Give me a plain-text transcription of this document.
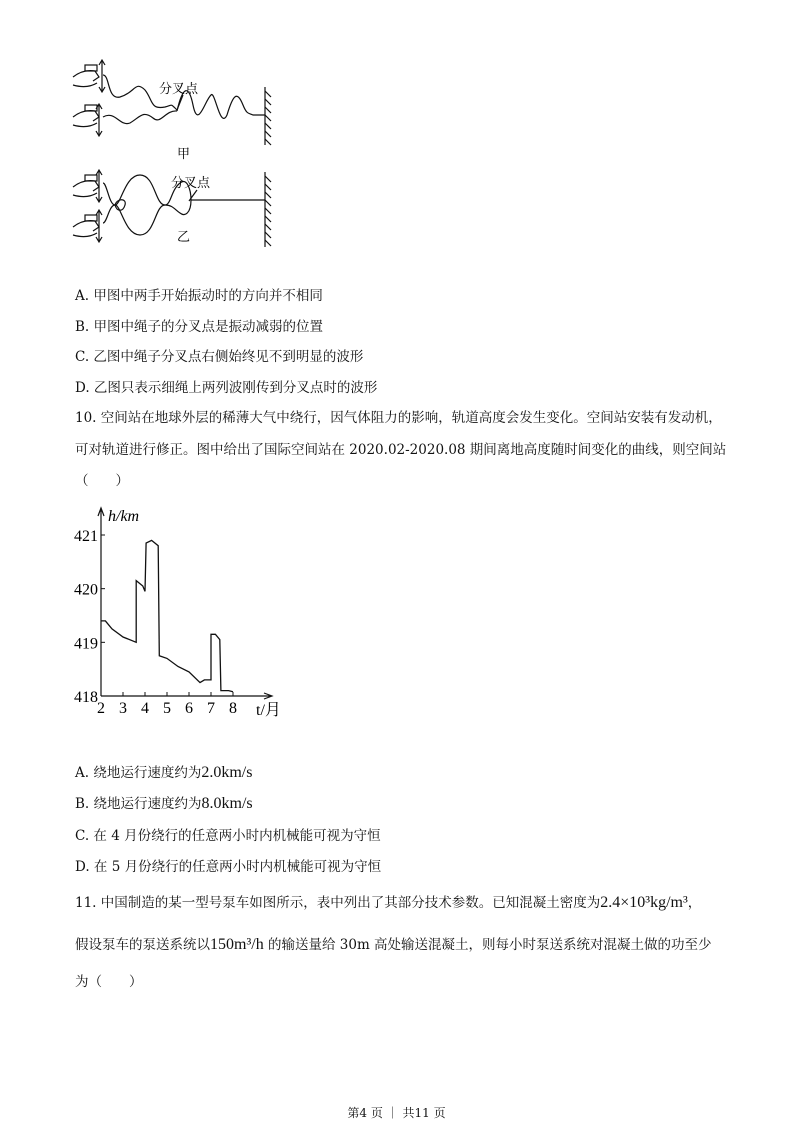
分叉点
甲
分叉点
乙
A. 甲图中两手开始振动时的方向并不相同
B. 甲图中绳子的分叉点是振动减弱的位置
C. 乙图中绳子分叉点右侧始终见不到明显的波形
D. 乙图只表示细绳上两列波刚传到分叉点时的波形
10. 空间站在地球外层的稀薄大气中绕行，因气体阻力的影响，轨道高度会发生变化。空间站安装有发动机，
可对轨道进行修正。图中给出了国际空间站在 2020.02-2020.08 期间离地高度随时间变化的曲线，则空间站
（　　）
h/km
t/月
418
419
420
421
2 3 4 5 6 7 8
A. 绕地运行速度约为2.0km/s
B. 绕地运行速度约为8.0km/s
C. 在 4 月份绕行的任意两小时内机械能可视为守恒
D. 在 5 月份绕行的任意两小时内机械能可视为守恒
11. 中国制造的某一型号泵车如图所示，表中列出了其部分技术参数。已知混凝土密度为2.4×10³kg/m³，
假设泵车的泵送系统以150m³/h 的输送量给 30m 高处输送混凝土，则每小时泵送系统对混凝土做的功至少
为（　　）
第4 页 ｜ 共11 页
